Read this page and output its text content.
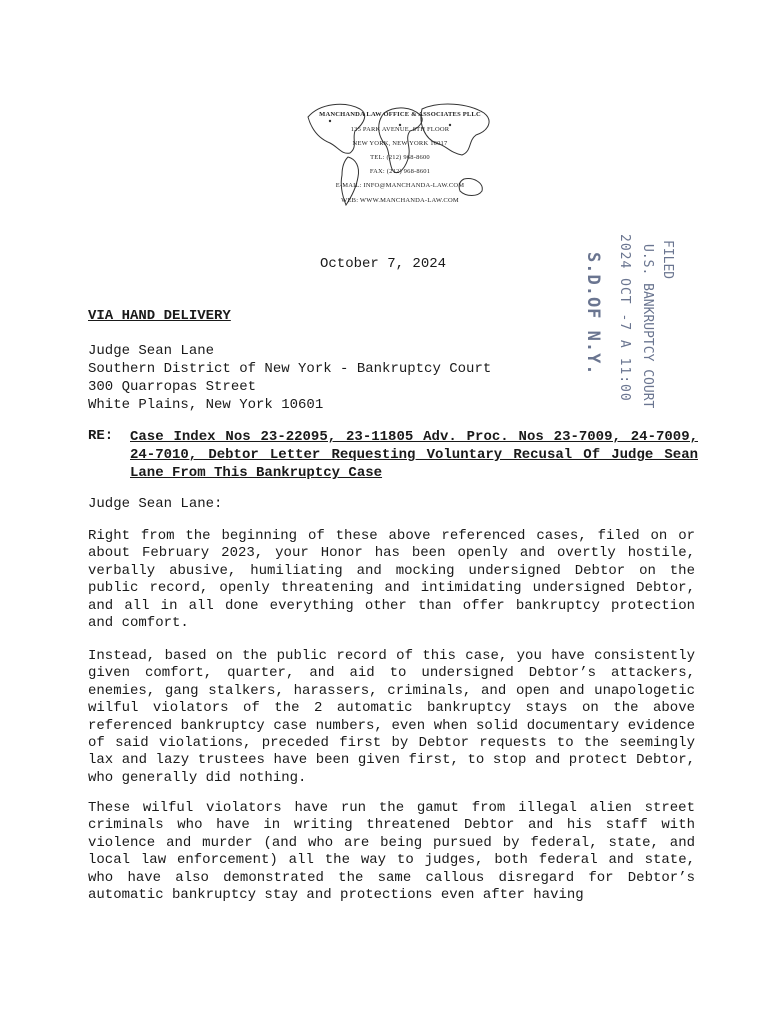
MANCHANDA LAW OFFICE & ASSOCIATES PLLC
135 PARK AVENUE, 8TH FLOOR
NEW YORK, NEW YORK 10017
TEL: (212) 968-8600
FAX: (212) 968-8601
E-MAIL: INFO@MANCHANDA-LAW.COM
WEB: WWW.MANCHANDA-LAW.COM
FILED
U.S. BANKRUPTCY COURT
2024 OCT -7 A 11:00
S.D.OF N.Y.
October 7, 2024
VIA HAND DELIVERY
Judge Sean Lane
Southern District of New York - Bankruptcy Court
300 Quarropas Street
White Plains, New York 10601
RE: Case Index Nos 23-22095, 23-11805 Adv. Proc. Nos 23-7009, 24-7009, 24-7010, Debtor Letter Requesting Voluntary Recusal Of Judge Sean Lane From This Bankruptcy Case
Judge Sean Lane:
Right from the beginning of these above referenced cases, filed on or about February 2023, your Honor has been openly and overtly hostile, verbally abusive, humiliating and mocking undersigned Debtor on the public record, openly threatening and intimidating undersigned Debtor, and all in all done everything other than offer bankruptcy protection and comfort.
Instead, based on the public record of this case, you have consistently given comfort, quarter, and aid to undersigned Debtor’s attackers, enemies, gang stalkers, harassers, criminals, and open and unapologetic wilful violators of the 2 automatic bankruptcy stays on the above referenced bankruptcy case numbers, even when solid documentary evidence of said violations, preceded first by Debtor requests to the seemingly lax and lazy trustees have been given first, to stop and protect Debtor, who generally did nothing.
These wilful violators have run the gamut from illegal alien street criminals who have in writing threatened Debtor and his staff with violence and murder (and who are being pursued by federal, state, and local law enforcement) all the way to judges, both federal and state, who have also demonstrated the same callous disregard for Debtor’s automatic bankruptcy stay and protections even after having
